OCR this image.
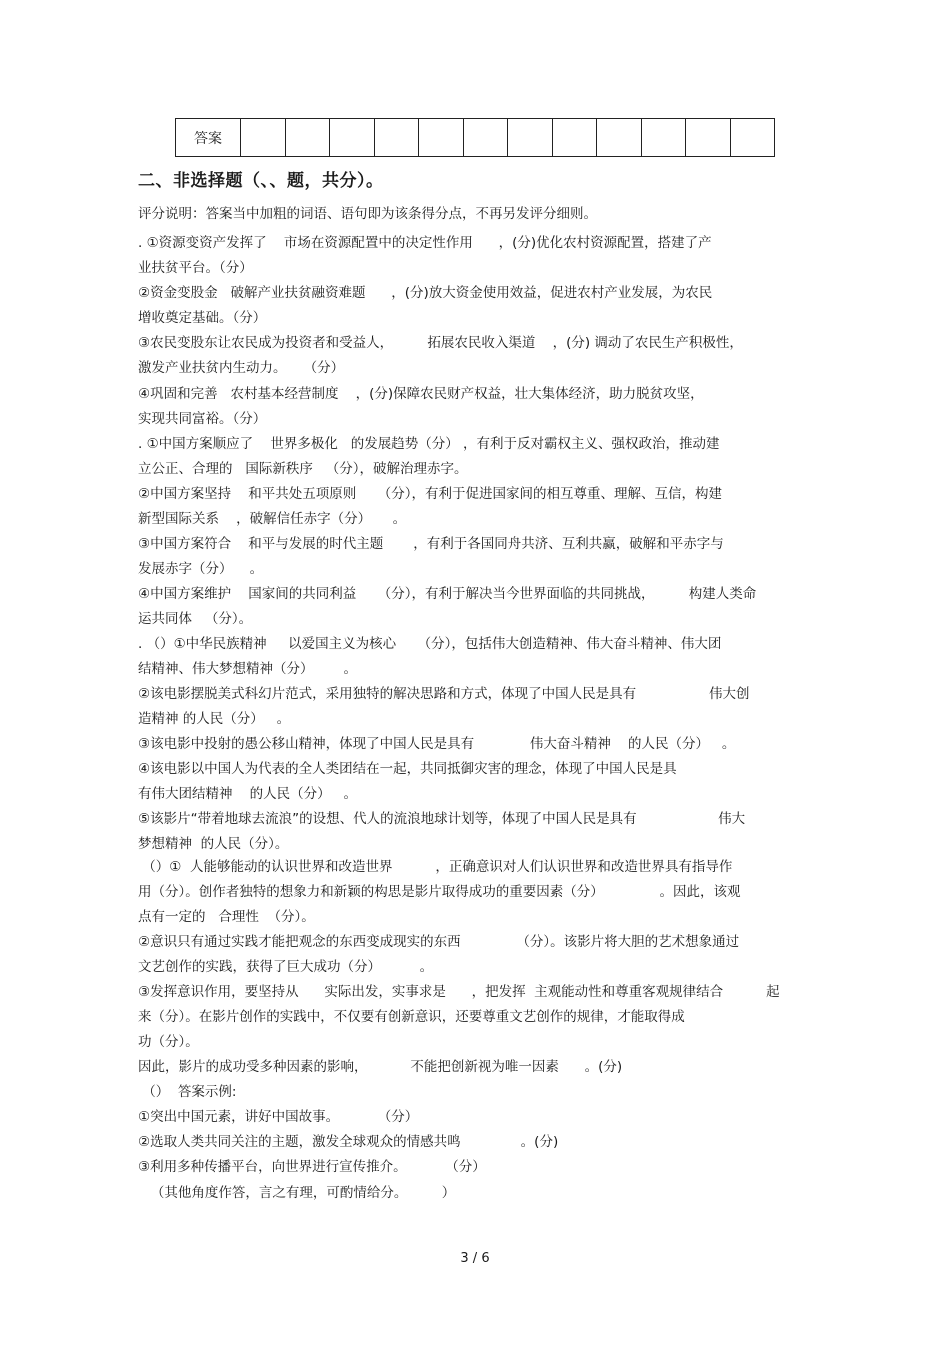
答案												
二、非选择题（、、题，共分）。
评分说明：答案当中加粗的词语、语句即为该条得分点，不再另发评分细则。
. ①资源变资产发挥了    市场在资源配置中的决定性作用      ，(分)优化农村资源配置，搭建了产
业扶贫平台。（分）
②资金变股金   破解产业扶贫融资难题      ，(分)放大资金使用效益，促进农村产业发展，为农民
增收奠定基础。（分）
③农民变股东让农民成为投资者和受益人，        拓展农民收入渠道    ，(分) 调动了农民生产积极性，
激发产业扶贫内生动力。    （分）
④巩固和完善   农村基本经营制度    ，(分)保障农民财产权益，壮大集体经济，助力脱贫攻坚，
实现共同富裕。（分）
. ①中国方案顺应了    世界多极化   的发展趋势（分） ，有利于反对霸权主义、强权政治，推动建
立公正、合理的   国际新秩序   （分），破解治理赤字。
②中国方案坚持    和平共处五项原则     （分），有利于促进国家间的相互尊重、理解、互信，构建
新型国际关系    ，破解信任赤字（分）     。
③中国方案符合    和平与发展的时代主题       ，有利于各国同舟共济、互利共赢，破解和平赤字与
发展赤字（分）    。
④中国方案维护    国家间的共同利益     （分），有利于解决当今世界面临的共同挑战，        构建人类命
运共同体   （分）。
. （）①中华民族精神     以爱国主义为核心     （分），包括伟大创造精神、伟大奋斗精神、伟大团
结精神、伟大梦想精神（分）       。
②该电影摆脱美式科幻片范式，采用独特的解决思路和方式，体现了中国人民是具有                 伟大创
造精神 的人民（分）   。
③该电影中投射的愚公移山精神，体现了中国人民是具有             伟大奋斗精神    的人民（分）   。
④该电影以中国人为代表的全人类团结在一起，共同抵御灾害的理念，体现了中国人民是具
有伟大团结精神    的人民（分）   。
⑤该影片“带着地球去流浪”的设想、代人的流浪地球计划等，体现了中国人民是具有                   伟大
梦想精神  的人民（分）。
（）①  人能够能动的认识世界和改造世界          ，正确意识对人们认识世界和改造世界具有指导作
用（分）。创作者独特的想象力和新颖的构思是影片取得成功的重要因素（分）             。因此，该观
点有一定的   合理性  （分）。
②意识只有通过实践才能把观念的东西变成现实的东西             （分）。该影片将大胆的艺术想象通过
文艺创作的实践，获得了巨大成功（分）         。
③发挥意识作用，要坚持从      实际出发，实事求是      ，把发挥  主观能动性和尊重客观规律结合          起
来（分）。在影片创作的实践中，不仅要有创新意识，还要尊重文艺创作的规律，才能取得成
功（分）。
因此，影片的成功受多种因素的影响，          不能把创新视为唯一因素      。(分)
（）  答案示例:
①突出中国元素，讲好中国故事。         （分）
②选取人类共同关注的主题，激发全球观众的情感共鸣              。(分)
③利用多种传播平台，向世界进行宣传推介。         （分）
（其他角度作答，言之有理，可酌情给分。        ）
3 / 6
